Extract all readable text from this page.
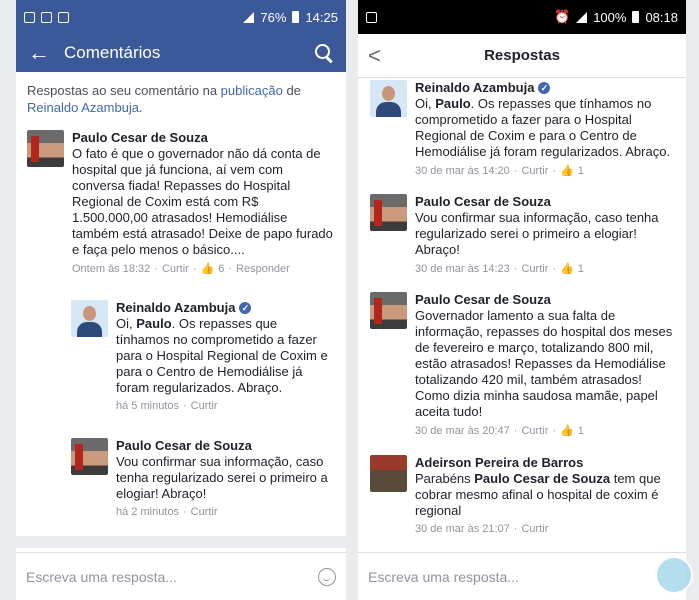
76% 14:25
← Comentários
Respostas ao seu comentário na publicação de Reinaldo Azambuja.
Paulo Cesar de Souza
O fato é que o governador não dá conta de hospital que já funciona, aí vem com conversa fiada! Repasses do Hospital Regional de Coxim está com R$ 1.500.000,00 atrasados! Hemodiálise também está atrasado! Deixe de papo furado e faça pelo menos o básico....
Ontem às 18:32 · Curtir · 👍 6 · Responder
Reinaldo Azambuja ✓
Oi, Paulo. Os repasses que tínhamos no comprometido a fazer para o Hospital Regional de Coxim e para o Centro de Hemodiálise já foram regularizados. Abraço.
há 5 minutos · Curtir
Paulo Cesar de Souza
Vou confirmar sua informação, caso tenha regularizado serei o primeiro a elogiar! Abraço!
há 2 minutos · Curtir
Escreva uma resposta...
⏰ 100% 08:18
<	Respostas
Reinaldo Azambuja ✓
Oi, Paulo. Os repasses que tínhamos no comprometido a fazer para o Hospital Regional de Coxim e para o Centro de Hemodiálise já foram regularizados. Abraço.
30 de mar às 14:20 · Curtir · 👍 1
Paulo Cesar de Souza
Vou confirmar sua informação, caso tenha regularizado serei o primeiro a elogiar! Abraço!
30 de mar às 14:23 · Curtir · 👍 1
Paulo Cesar de Souza
Governador lamento a sua falta de informação, repasses do hospital dos meses de fevereiro e março, totalizando 800 mil, estão atrasados! Repasses da Hemodiálise totalizando 420 mil, também atrasados! Como dizia minha saudosa mamãe, papel aceita tudo!
30 de mar às 20:47 · Curtir · 👍 1
Adeirson Pereira de Barros
Parabéns Paulo Cesar de Souza tem que cobrar mesmo afinal o hospital de coxim é regional
30 de mar às 21:07 · Curtir
Escreva uma resposta...
